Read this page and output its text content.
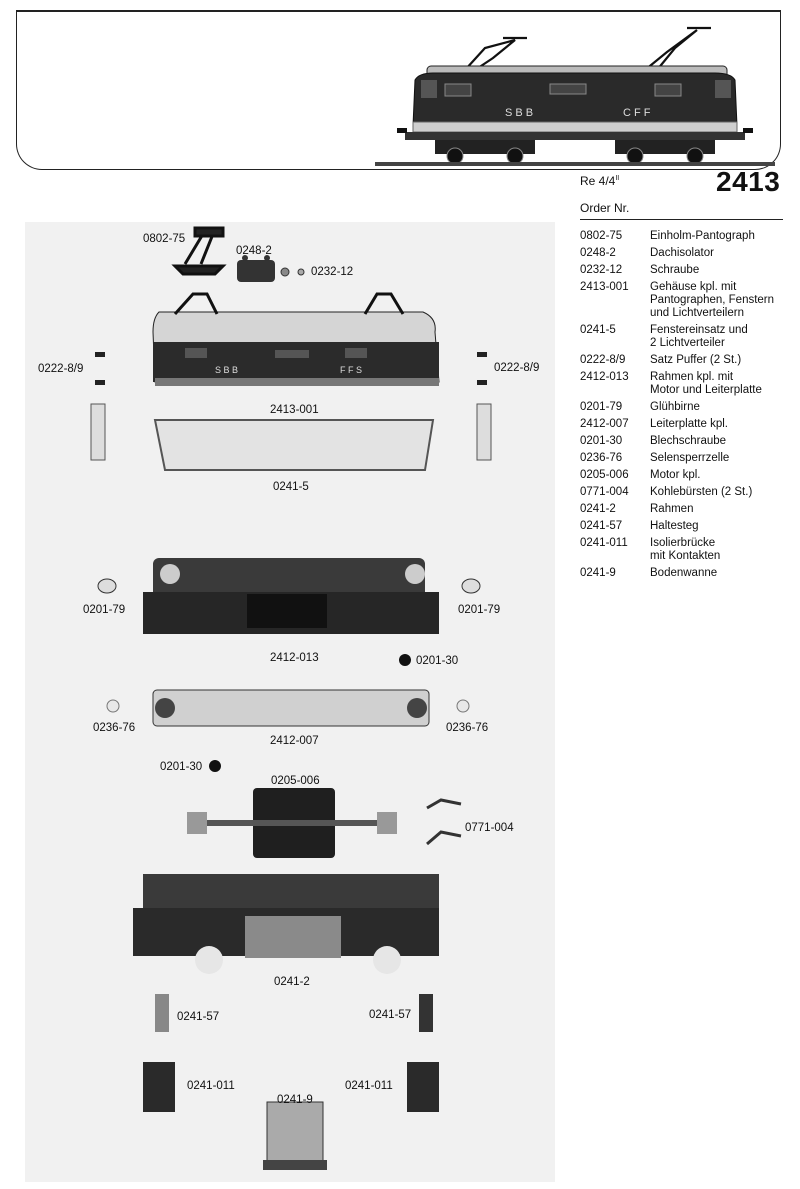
S B B	C F F
Re $4/4^{II}$	2413
Order Nr.
0802-75	Einholm-Pantograph
0248-2	Dachisolator
0232-12	Schraube
2413-001	Gehäuse kpl. mit
Pantographen, Fenstern
und Lichtverteilern
0241-5	Fenstereinsatz und
2 Lichtverteiler
0222-8/9	Satz Puffer (2 St.)
2412-013	Rahmen kpl. mit
Motor und Leiterplatte
0201-79	Glühbirne
2412-007	Leiterplatte kpl.
0201-30	Blechschraube
0236-76	Selensperrzelle
0205-006	Motor kpl.
0771-004	Kohlebürsten (2 St.)
0241-2	Rahmen
0241-57	Haltesteg
0241-011	Isolierbrücke
mit Kontakten
0241-9	Bodenwanne
S B B	F F S
0802-75
0248-2
0232-12
0222-8/9	0222-8/9
2413-001
0241-5
0201-79	0201-79
2412-013	0201-30
0236-76	0236-76
2412-007
0201-30
0205-006
0771-004
0241-2
0241-57	0241-57
0241-011	0241-011
0241-9
